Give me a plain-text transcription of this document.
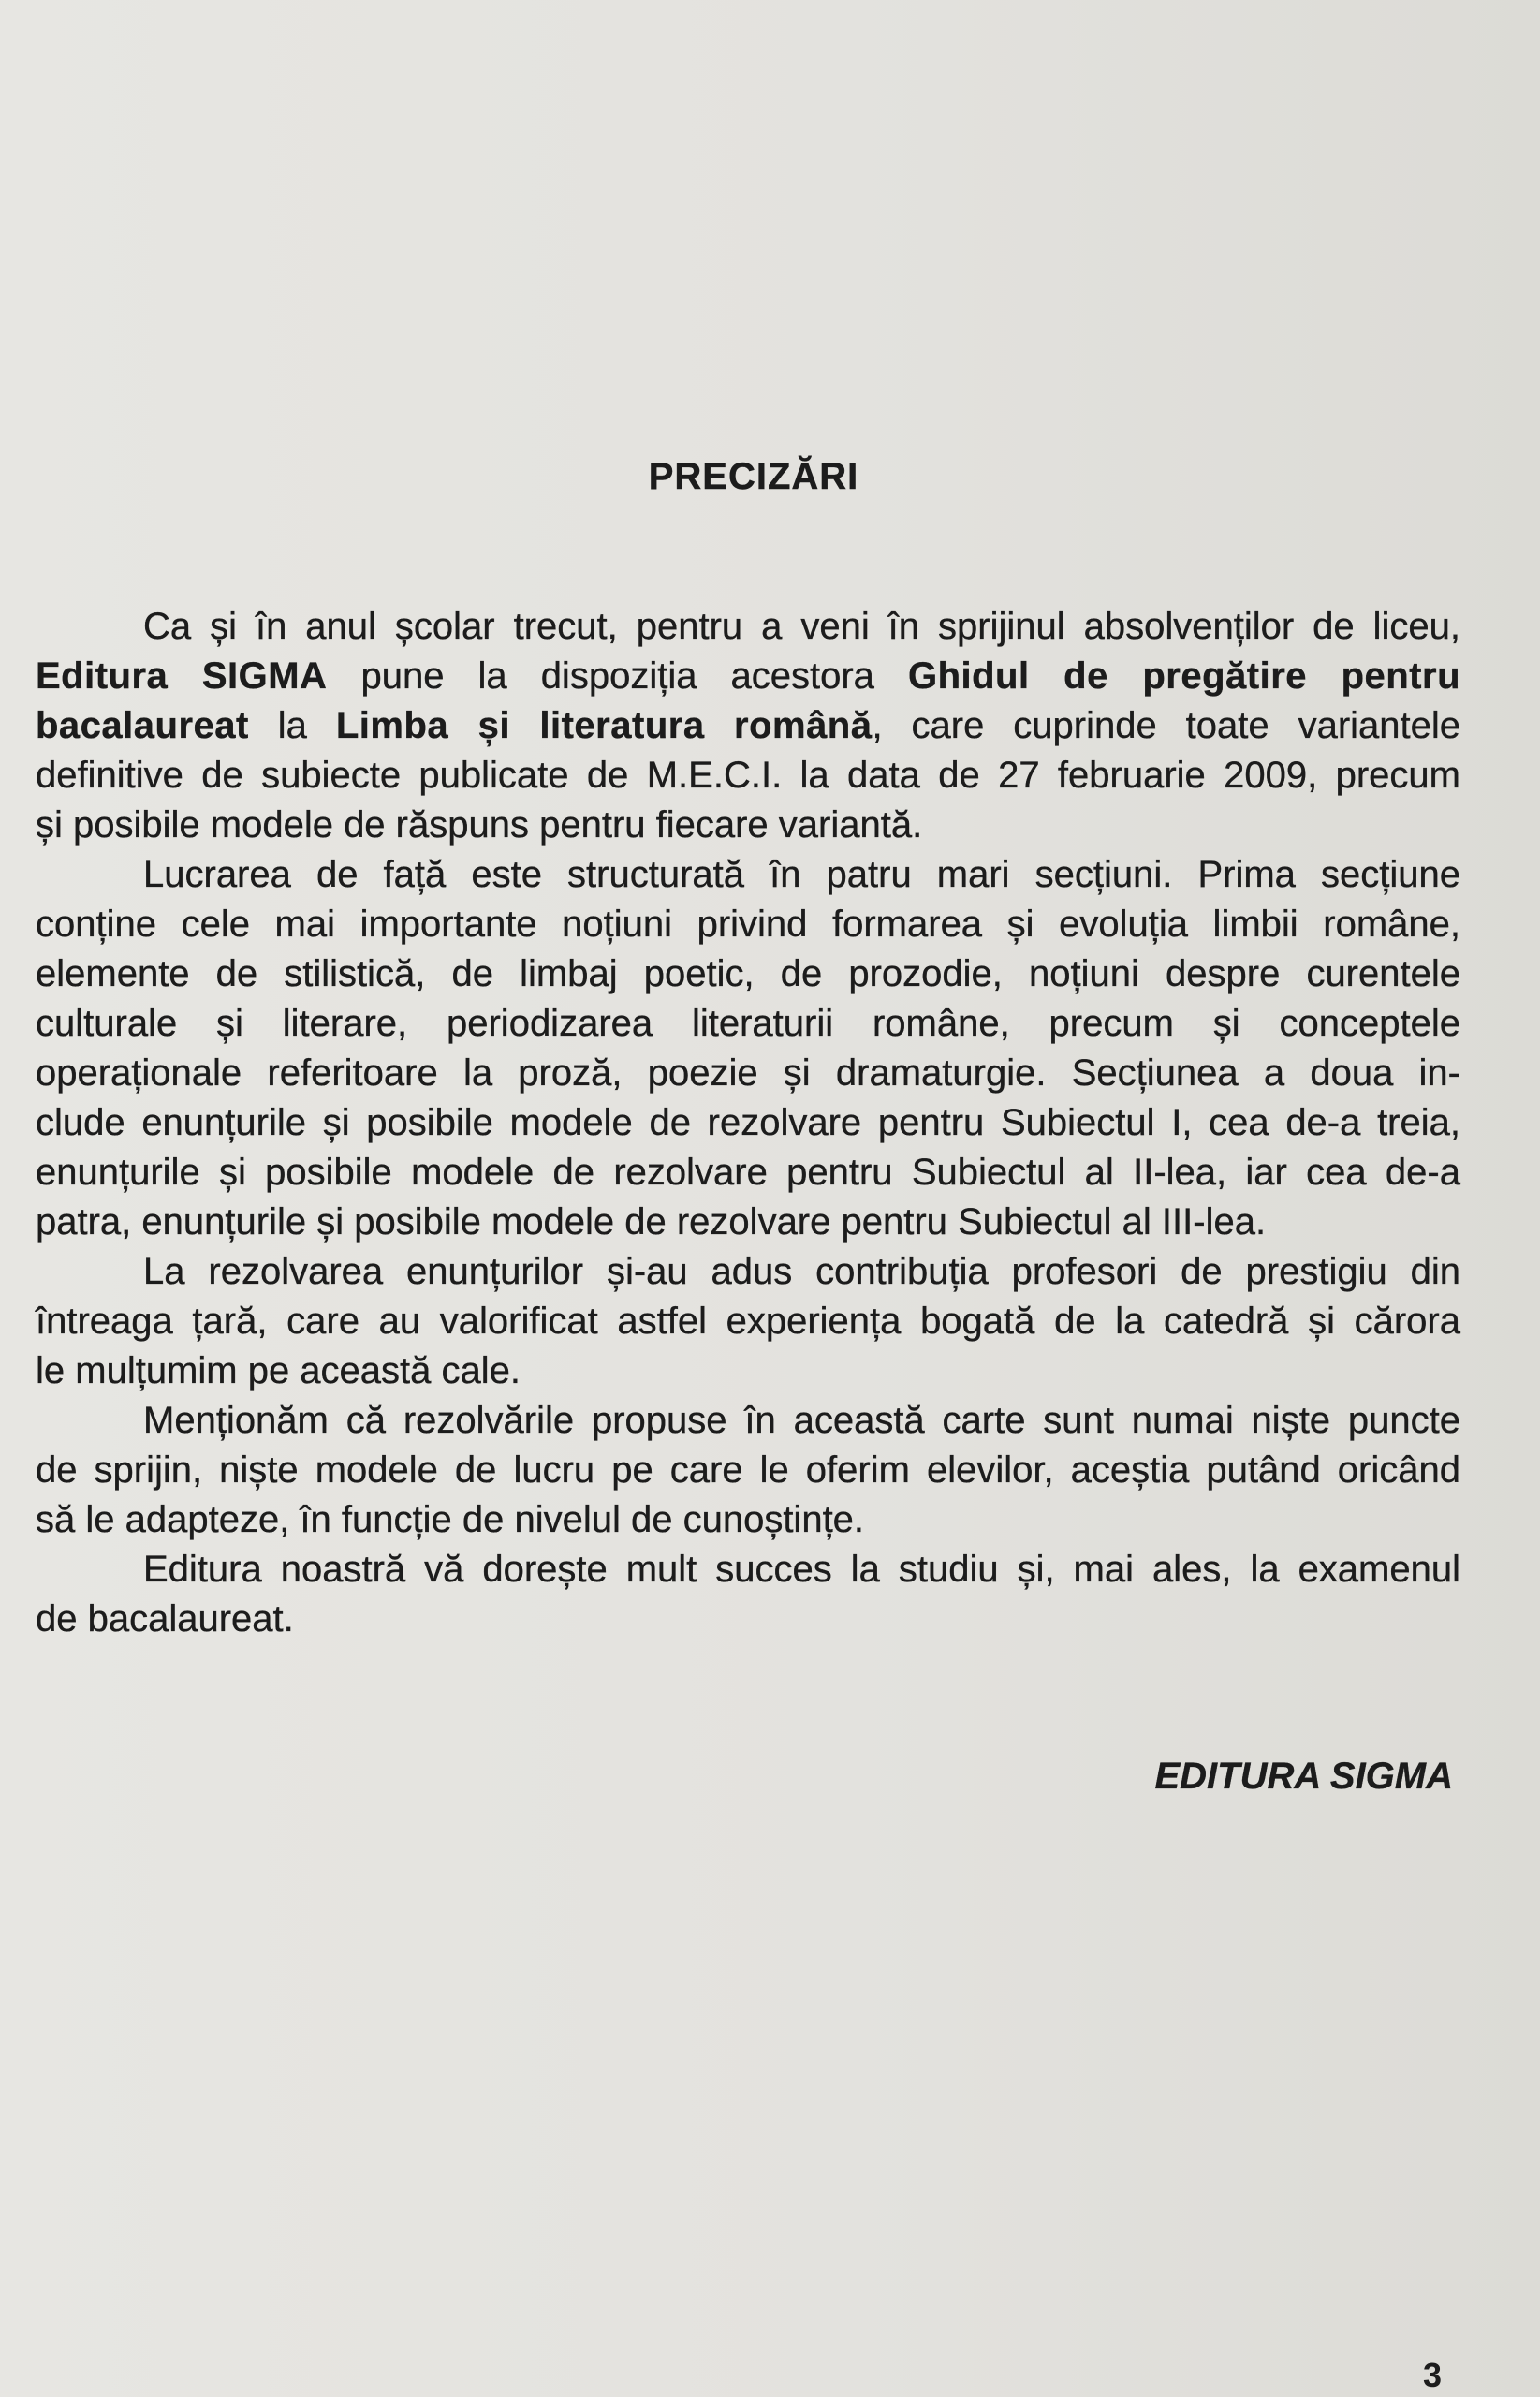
PRECIZĂRI
Ca și în anul școlar trecut, pentru a veni în sprijinul absolvenților de liceu,
Editura SIGMA pune la dispoziția acestora Ghidul de pregătire pentru
bacalaureat la Limba și literatura română, care cuprinde toate variantele
definitive de subiecte publicate de M.E.C.I. la data de 27 februarie 2009, precum
și posibile modele de răspuns pentru fiecare variantă.
Lucrarea de față este structurată în patru mari secțiuni. Prima secțiune
conține cele mai importante noțiuni privind formarea și evoluția limbii române,
elemente de stilistică, de limbaj poetic, de prozodie, noțiuni despre curentele
culturale și literare, periodizarea literaturii române, precum și conceptele
operaționale referitoare la proză, poezie și dramaturgie. Secțiunea a doua in-
clude enunțurile și posibile modele de rezolvare pentru Subiectul I, cea de-a treia,
enunțurile și posibile modele de rezolvare pentru Subiectul al II-lea, iar cea de-a
patra, enunțurile și posibile modele de rezolvare pentru Subiectul al III-lea.
La rezolvarea enunțurilor și-au adus contribuția profesori de prestigiu din
întreaga țară, care au valorificat astfel experiența bogată de la catedră și cărora
le mulțumim pe această cale.
Menționăm că rezolvările propuse în această carte sunt numai niște puncte
de sprijin, niște modele de lucru pe care le oferim elevilor, aceștia putând oricând
să le adapteze, în funcție de nivelul de cunoștințe.
Editura noastră vă dorește mult succes la studiu și, mai ales, la examenul
de bacalaureat.
EDITURA SIGMA
3
